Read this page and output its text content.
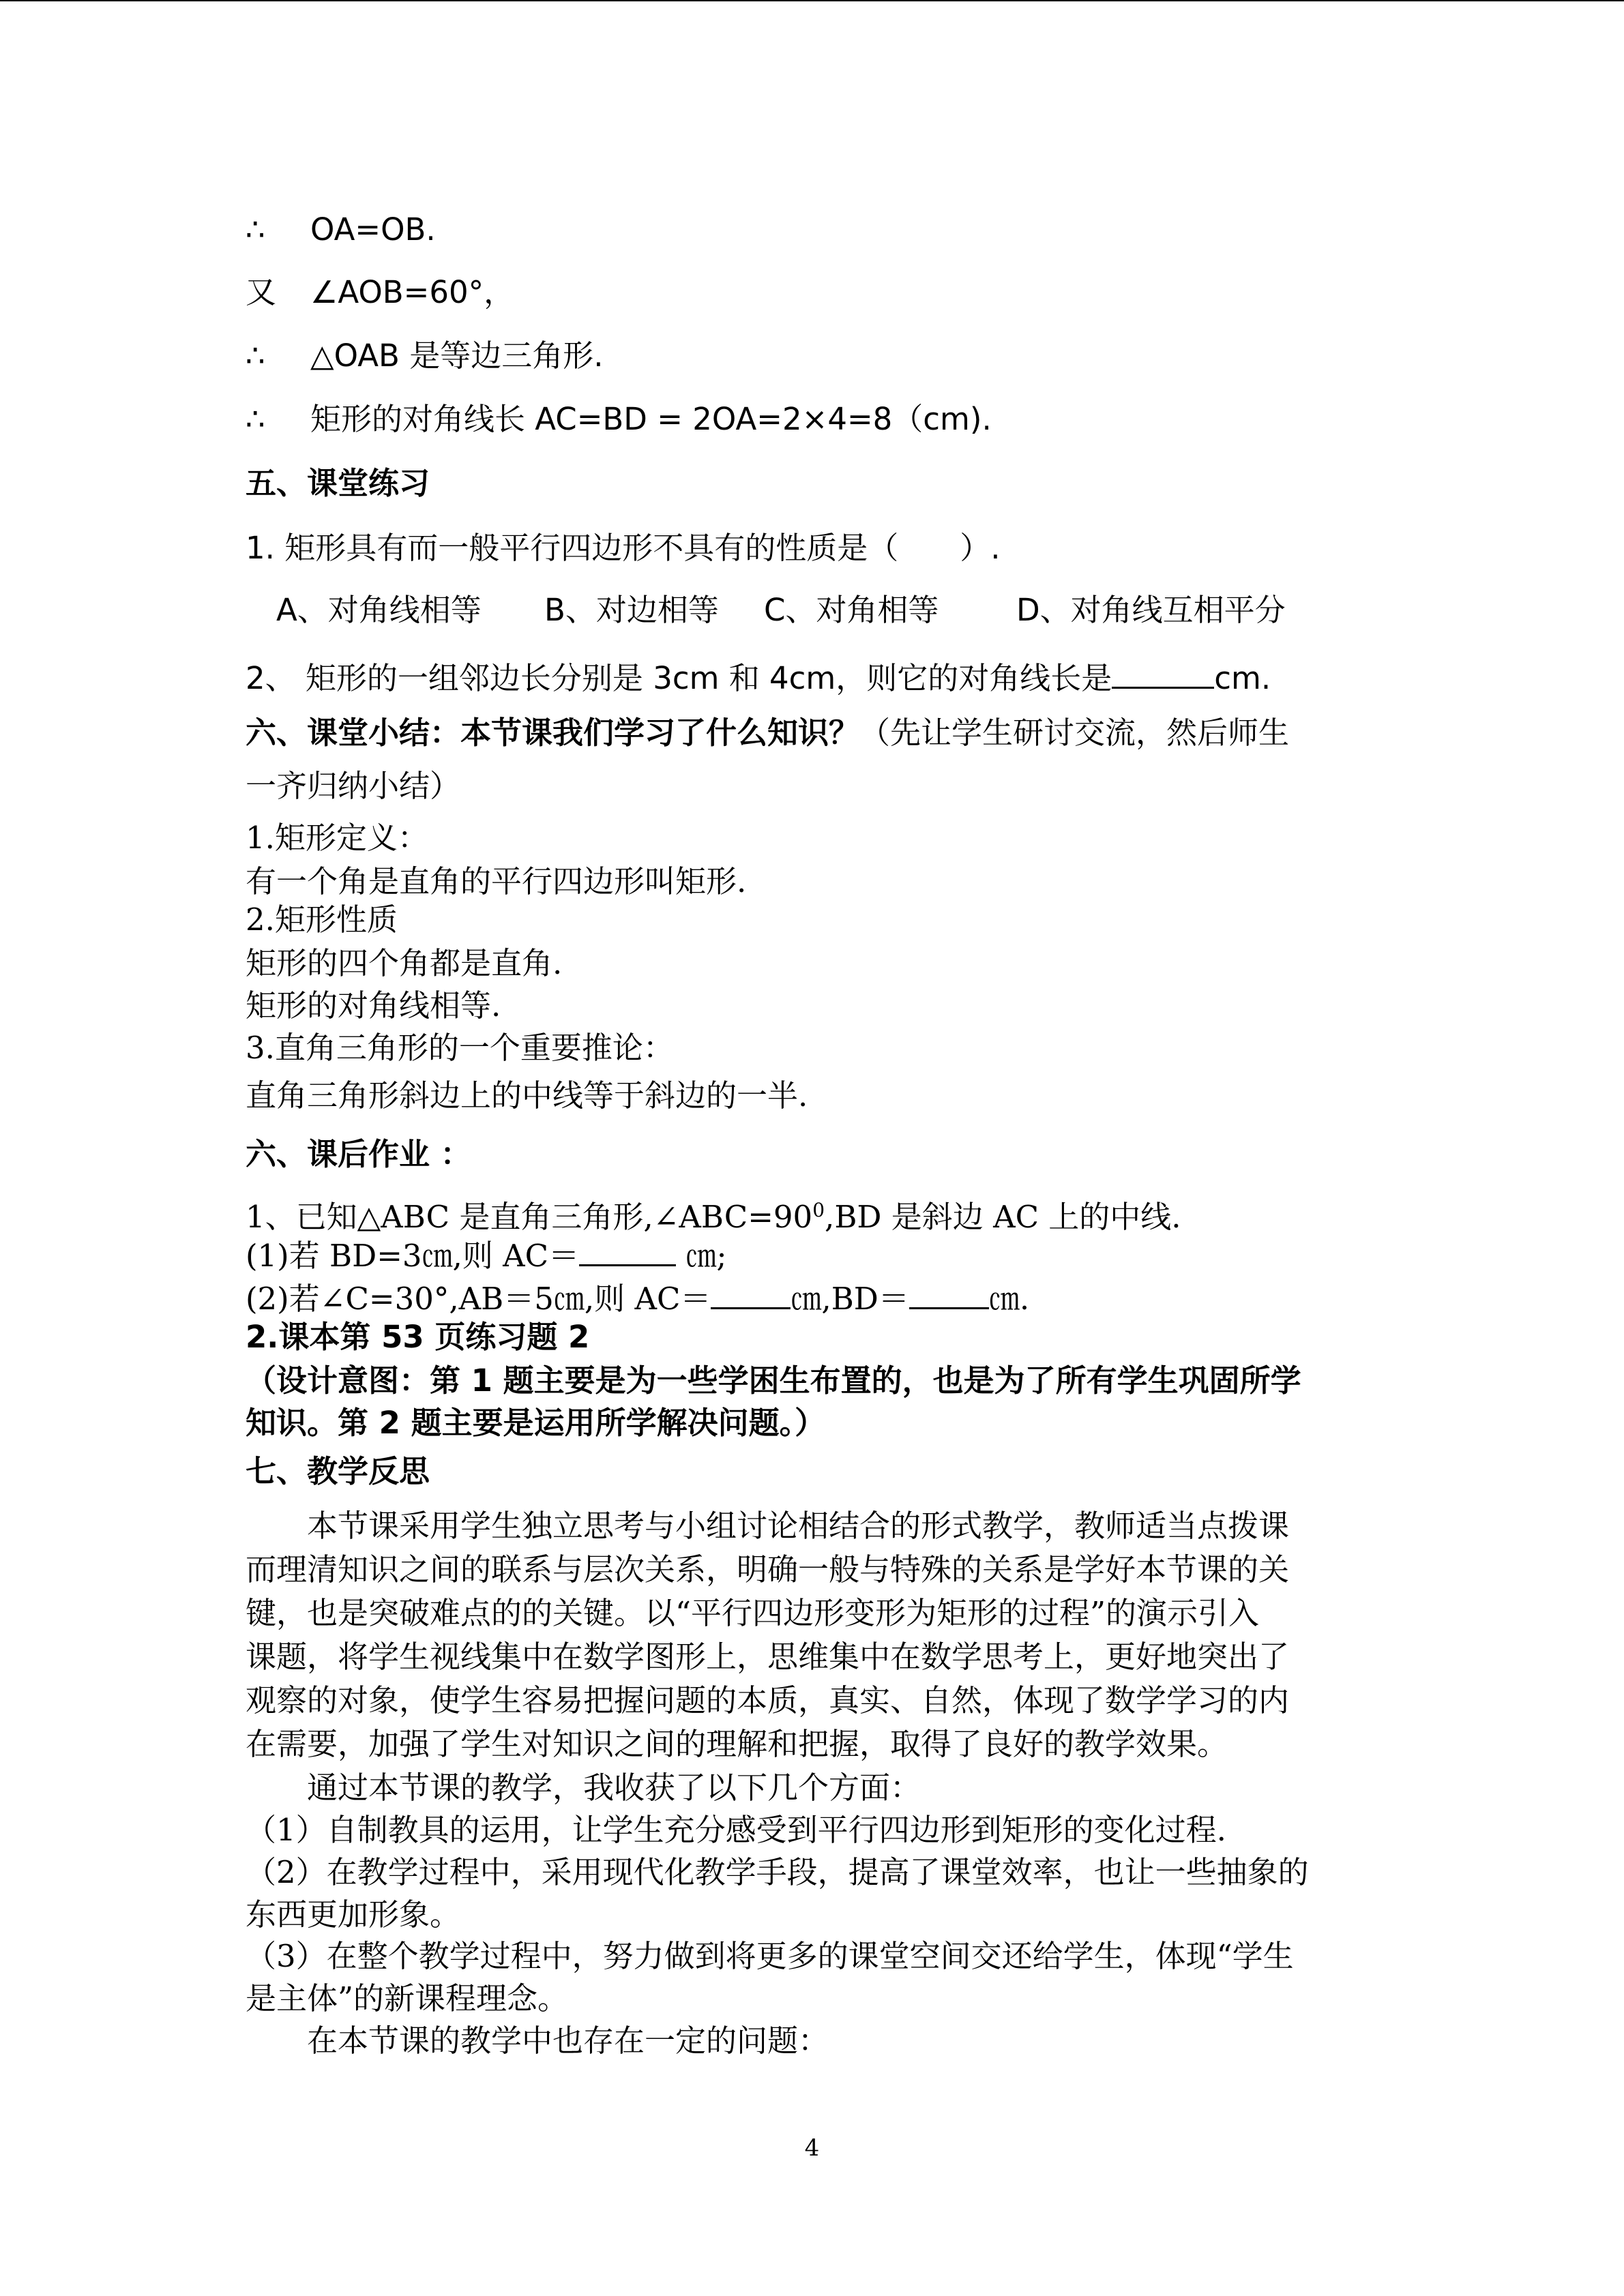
∴ OA=OB.
又 ∠AOB=60°，
∴ △OAB 是等边三角形.
∴ 矩形的对角线长 AC=BD = 2OA=2×4=8（cm).
五、课堂练习
1. 矩形具有而一般平行四边形不具有的性质是（　　）.
A、对角线相等 B、对边相等 C、对角相等	D、对角线互相平分
2、 矩形的一组邻边长分别是 3cm 和 4cm，则它的对角线长是	cm.
六、课堂小结：本节课我们学习了什么知识？（先让学生研讨交流，然后师生
一齐归纳小结）
1.矩形定义：
有一个角是直角的平行四边形叫矩形.
2.矩形性质
矩形的四个角都是直角.
矩形的对角线相等.
3.直角三角形的一个重要推论：
直角三角形斜边上的中线等于斜边的一半.
六、课后作业 ：
1、已知△ABC 是直角三角形$,\angle ABC=90^0,BD$ 是斜边 AC 上的中线.
(1)若 BD=3㎝,则 AC＝	㎝;
(2)若∠C=30°,AB＝5㎝,则 AC＝	㎝,BD＝	㎝.
2.课本第 53 页练习题 2
（设计意图：第 1 题主要是为一些学困生布置的，也是为了所有学生巩固所学
知识。第 2 题主要是运用所学解决问题。）
七、教学反思
　　本节课采用学生独立思考与小组讨论相结合的形式教学，教师适当点拨课
而理清知识之间的联系与层次关系，明确一般与特殊的关系是学好本节课的关
键，也是突破难点的的关键。以“平行四边形变形为矩形的过程”的演示引入
课题，将学生视线集中在数学图形上，思维集中在数学思考上，更好地突出了
观察的对象，使学生容易把握问题的本质，真实、自然，体现了数学学习的内
在需要，加强了学生对知识之间的理解和把握，取得了良好的教学效果。
　　通过本节课的教学，我收获了以下几个方面：
（1）自制教具的运用，让学生充分感受到平行四边形到矩形的变化过程.
（2）在教学过程中，采用现代化教学手段，提高了课堂效率，也让一些抽象的
东西更加形象。
（3）在整个教学过程中，努力做到将更多的课堂空间交还给学生，体现“学生
是主体”的新课程理念。
　　在本节课的教学中也存在一定的问题：
4
